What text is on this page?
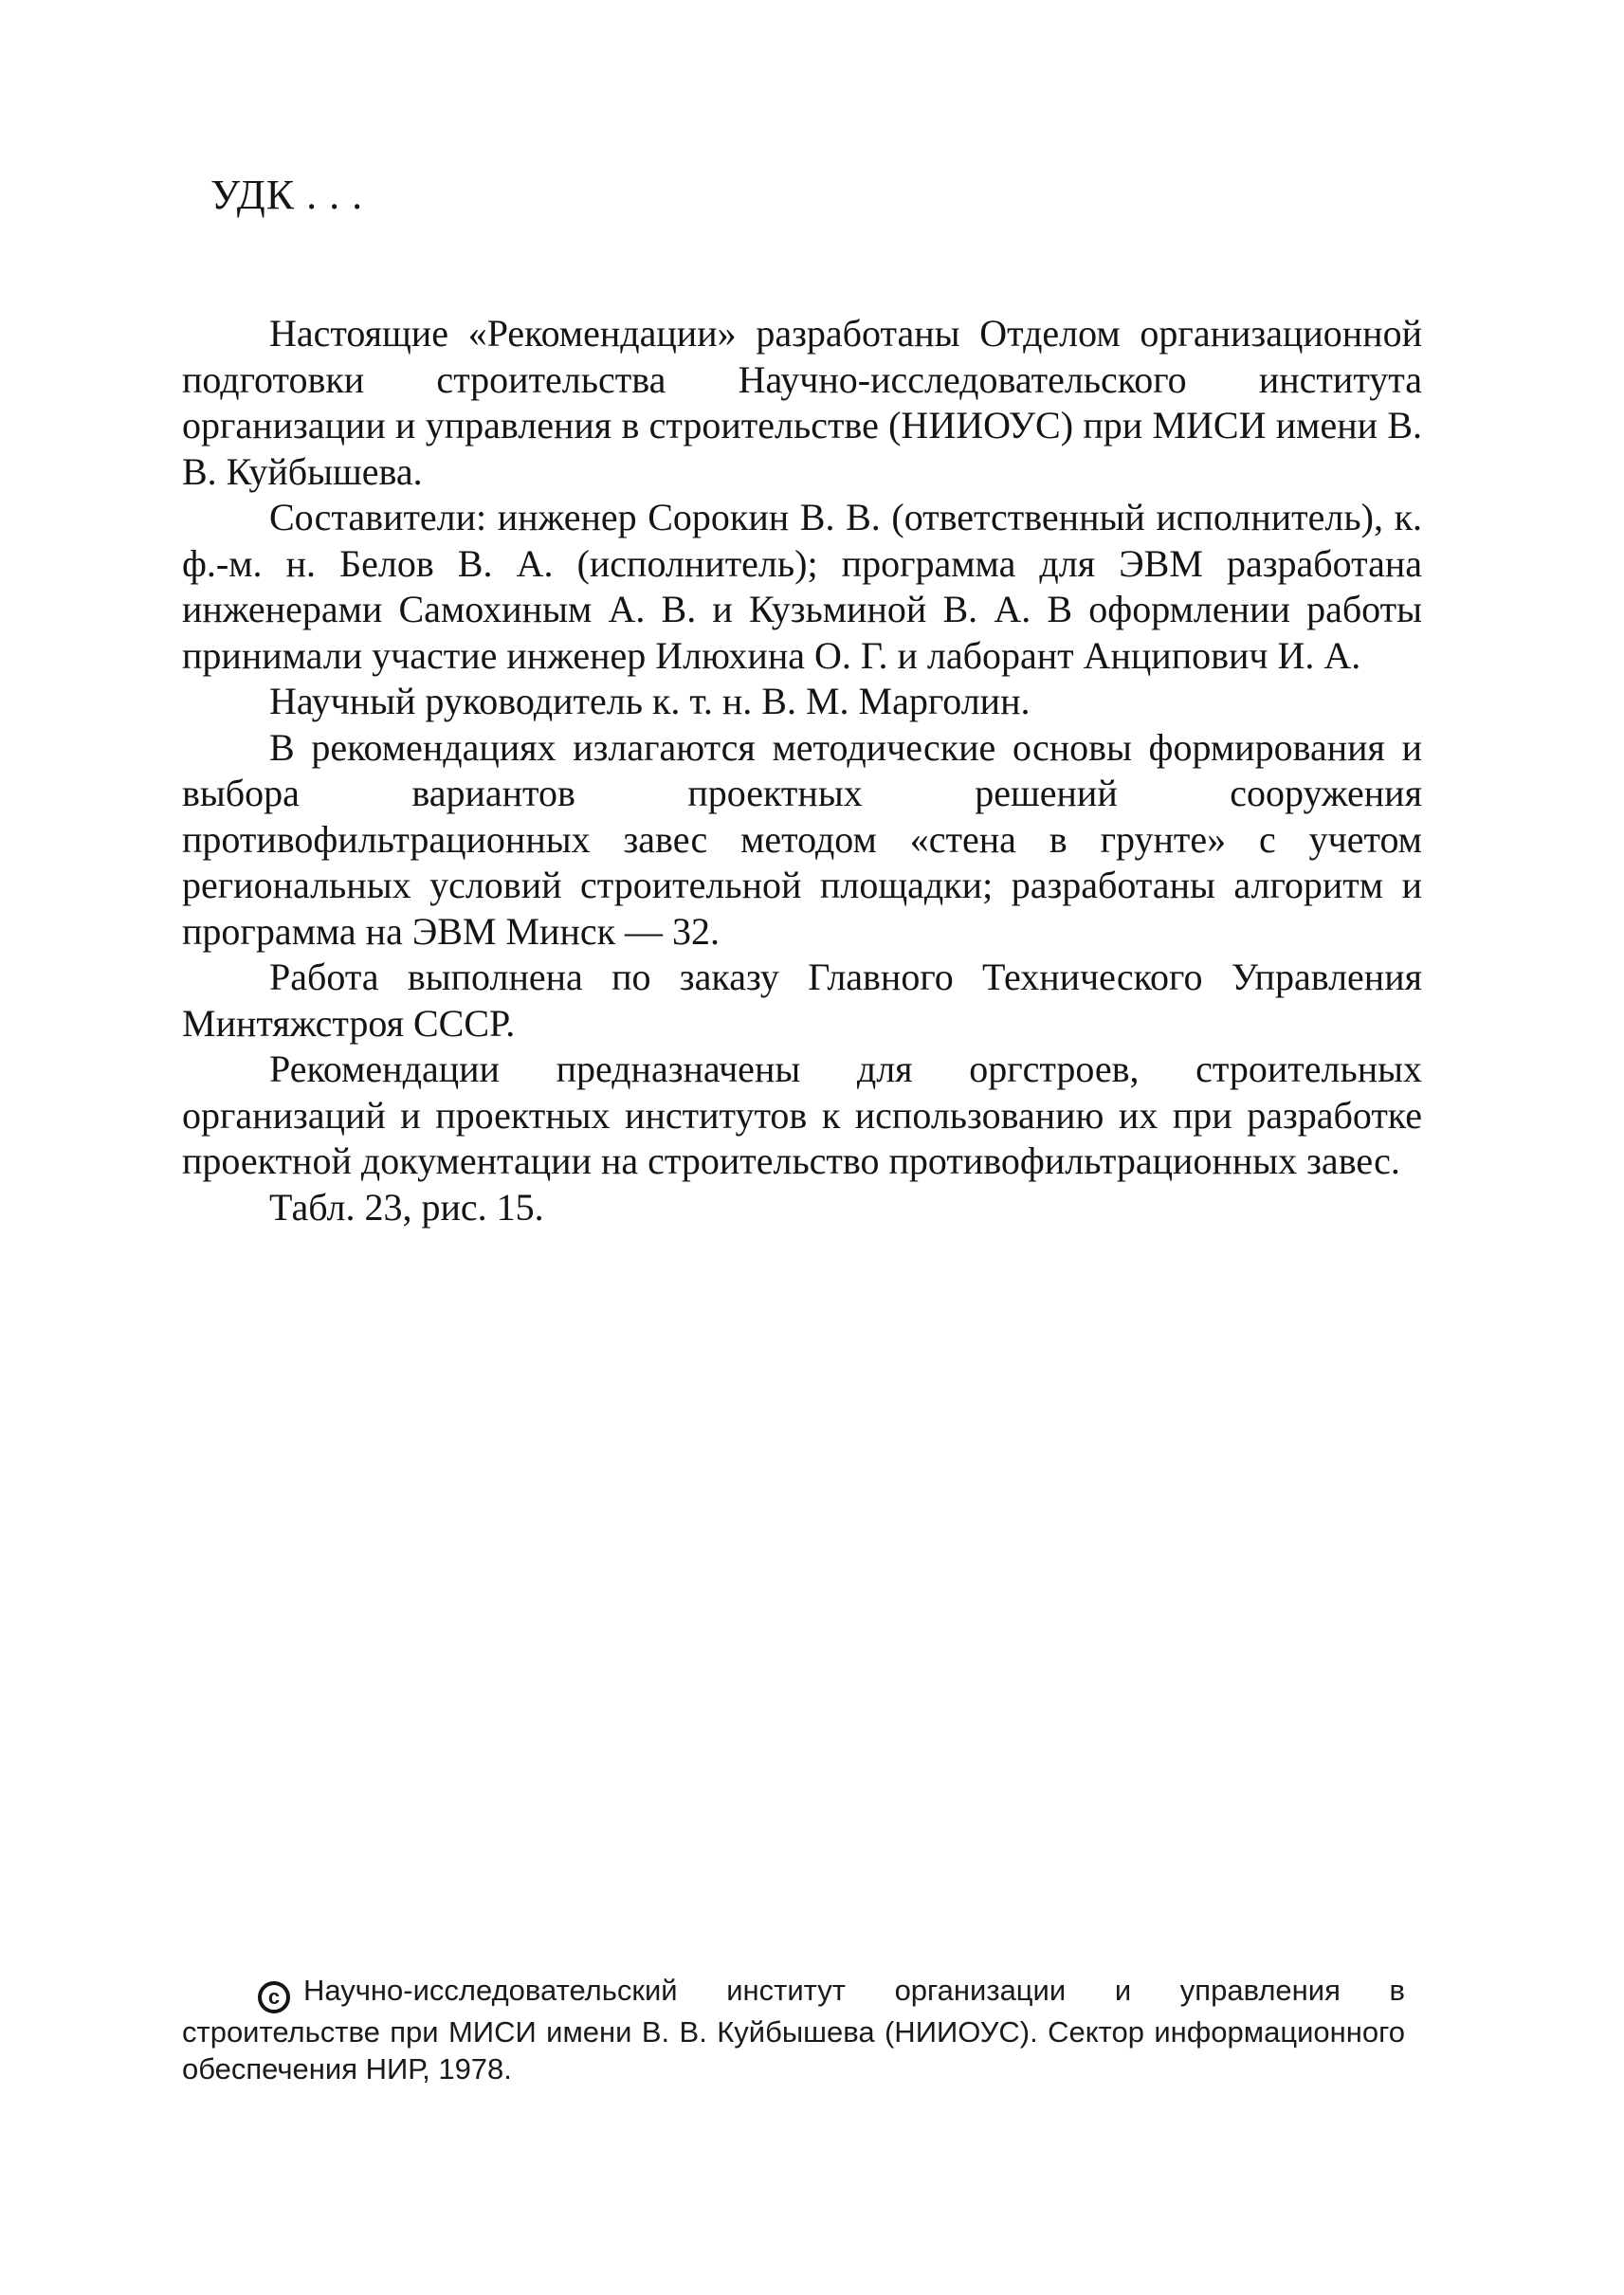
УДК . . .

Настоящие «Рекомендации» разработаны Отделом организационной подготовки строительства Научно-исследовательского института организации и управления в строительстве (НИИОУС) при МИСИ имени В. В. Куйбышева.

Составители: инженер Сорокин В. В. (ответственный исполнитель), к. ф.-м. н. Белов В. А. (исполнитель); программа для ЭВМ разработана инженерами Самохиным А. В. и Кузьминой В. А. В оформлении работы принимали участие инженер Илюхина О. Г. и лаборант Анципович И. А.

Научный руководитель к. т. н. В. М. Марголин.

В рекомендациях излагаются методические основы формирования и выбора вариантов проектных решений сооружения противофильтрационных завес методом «стена в грунте» с учетом региональных условий строительной площадки; разработаны алгоритм и программа на ЭВМ Минск — 32.

Работа выполнена по заказу Главного Технического Управления Минтяжстроя СССР.

Рекомендации предназначены для оргстроев, строительных организаций и проектных институтов к использованию их при разработке проектной документации на строительство противофильтрационных завес.

Табл. 23, рис. 15.

c Научно-исследовательский институт организации и управления в строительстве при МИСИ имени В. В. Куйбышева (НИИОУС). Сектор информационного обеспечения НИР, 1978.
